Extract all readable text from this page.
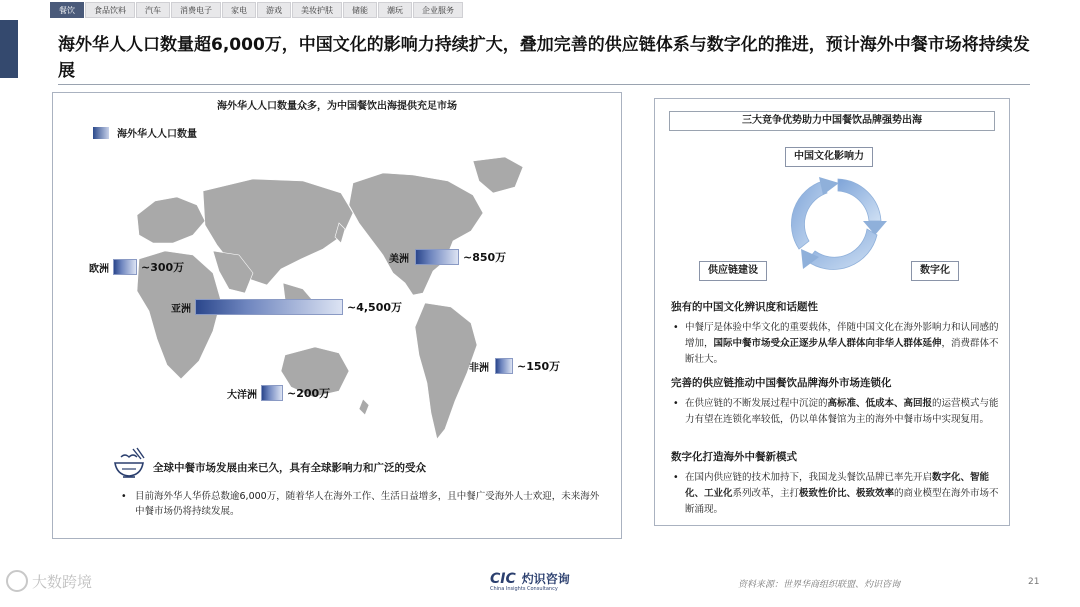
餐饮	食品饮料	汽车	消费电子	家电	游戏	美妆护肤	储能	潮玩	企业服务
海外华人人口数量超6,000万，中国文化的影响力持续扩大，叠加完善的供应链体系与数字化的推进，预计海外中餐市场将持续发展
海外华人人口数量众多，为中国餐饮出海提供充足市场
海外华人人口数量
欧洲	~300万
美洲	~850万
亚洲	~4,500万
非洲	~150万
大洋洲	~200万
全球中餐市场发展由来已久，具有全球影响力和广泛的受众
• 目前海外华人华侨总数逾6,000万，随着华人在海外工作、生活日益增多，且中餐广受海外人士欢迎，未来海外中餐市场仍将持续发展。
三大竞争优势助力中国餐饮品牌强势出海
中国文化影响力
供应链建设	数字化
独有的中国文化辨识度和话题性
• 中餐厅是体验中华文化的重要载体，伴随中国文化在海外影响力和认同感的增加，国际中餐市场受众正逐步从华人群体向非华人群体延伸，消费群体不断壮大。
完善的供应链推动中国餐饮品牌海外市场连锁化
• 在供应链的不断发展过程中沉淀的高标准、低成本、高回报的运营模式与能力有望在连锁化率较低，仍以单体餐馆为主的海外中餐市场中实现复用。
数字化打造海外中餐新模式
• 在国内供应链的技术加持下，我国龙头餐饮品牌已率先开启数字化、智能化、工业化系列改革，主打极致性价比、极致效率的商业模型在海外市场不断涌现。
大数跨境	CIC 灼识咨询
China Insights Consultancy	资料来源：世界华商组织联盟、灼识咨询	21
